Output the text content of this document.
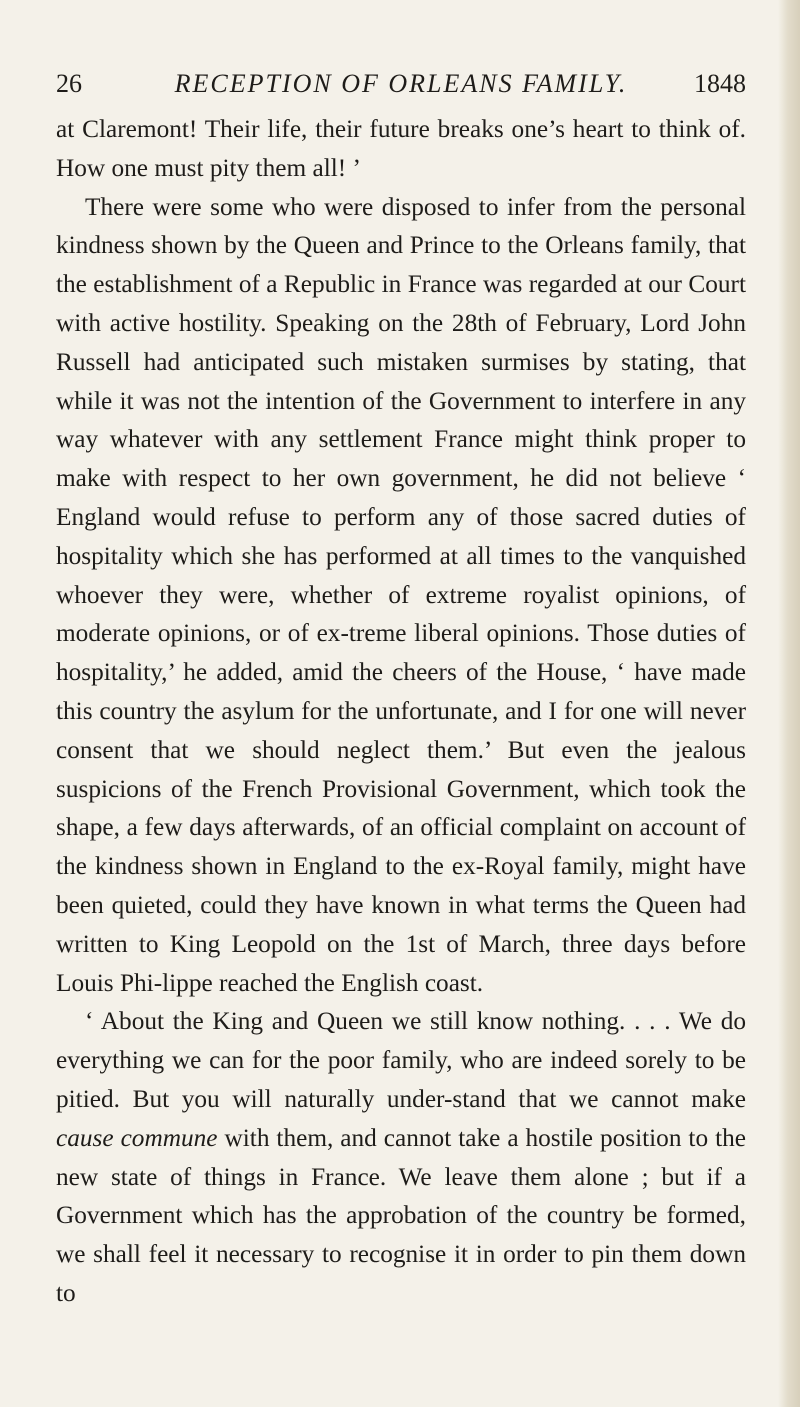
26	RECEPTION OF ORLEANS FAMILY.	1848

at Claremont! Their life, their future breaks one’s heart to think of. How one must pity them all! ’

There were some who were disposed to infer from the personal kindness shown by the Queen and Prince to the Orleans family, that the establishment of a Republic in France was regarded at our Court with active hostility. Speaking on the 28th of February, Lord John Russell had anticipated such mistaken surmises by stating, that while it was not the intention of the Government to interfere in any way whatever with any settlement France might think proper to make with respect to her own government, he did not believe ‘ England would refuse to perform any of those sacred duties of hospitality which she has performed at all times to the vanquished whoever they were, whether of extreme royalist opinions, of moderate opinions, or of ex-treme liberal opinions. Those duties of hospitality,’ he added, amid the cheers of the House, ‘ have made this country the asylum for the unfortunate, and I for one will never consent that we should neglect them.’ But even the jealous suspicions of the French Provisional Government, which took the shape, a few days afterwards, of an official complaint on account of the kindness shown in England to the ex-Royal family, might have been quieted, could they have known in what terms the Queen had written to King Leopold on the 1st of March, three days before Louis Phi-lippe reached the English coast.

‘ About the King and Queen we still know nothing. . . . We do everything we can for the poor family, who are indeed sorely to be pitied. But you will naturally under-stand that we cannot make cause commune with them, and cannot take a hostile position to the new state of things in France. We leave them alone ; but if a Government which has the approbation of the country be formed, we shall feel it necessary to recognise it in order to pin them down to
